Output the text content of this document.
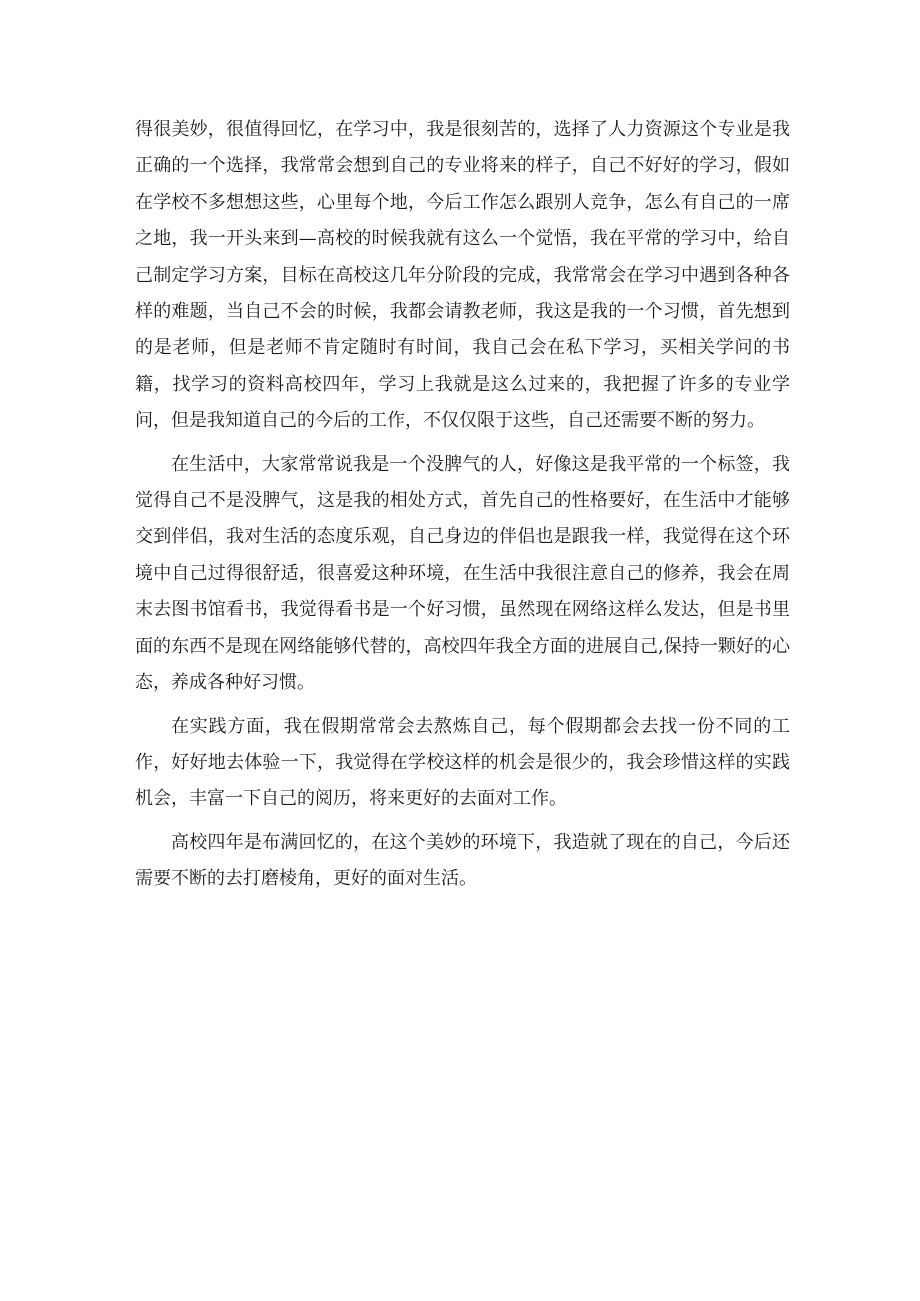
得很美妙，很值得回忆，在学习中，我是很刻苦的，选择了人力资源这个专业是我正确的一个选择，我常常会想到自己的专业将来的样子，自己不好好的学习，假如在学校不多想想这些，心里每个地，今后工作怎么跟别人竞争，怎么有自己的一席之地，我一开头来到—高校的时候我就有这么一个觉悟，我在平常的学习中，给自己制定学习方案，目标在高校这几年分阶段的完成，我常常会在学习中遇到各种各样的难题，当自己不会的时候，我都会请教老师，我这是我的一个习惯，首先想到的是老师，但是老师不肯定随时有时间，我自己会在私下学习，买相关学问的书籍，找学习的资料高校四年，学习上我就是这么过来的，我把握了许多的专业学问，但是我知道自己的今后的工作，不仅仅限于这些，自己还需要不断的努力。

在生活中，大家常常说我是一个没脾气的人，好像这是我平常的一个标签，我觉得自己不是没脾气，这是我的相处方式，首先自己的性格要好，在生活中才能够交到伴侣，我对生活的态度乐观，自己身边的伴侣也是跟我一样，我觉得在这个环境中自己过得很舒适，很喜爱这种环境，在生活中我很注意自己的修养，我会在周末去图书馆看书，我觉得看书是一个好习惯，虽然现在网络这样么发达，但是书里面的东西不是现在网络能够代替的，高校四年我全方面的进展自己,保持一颗好的心态，养成各种好习惯。

在实践方面，我在假期常常会去熬炼自己，每个假期都会去找一份不同的工作，好好地去体验一下，我觉得在学校这样的机会是很少的，我会珍惜这样的实践机会，丰富一下自己的阅历，将来更好的去面对工作。

高校四年是布满回忆的，在这个美妙的环境下，我造就了现在的自己，今后还需要不断的去打磨棱角，更好的面对生活。
